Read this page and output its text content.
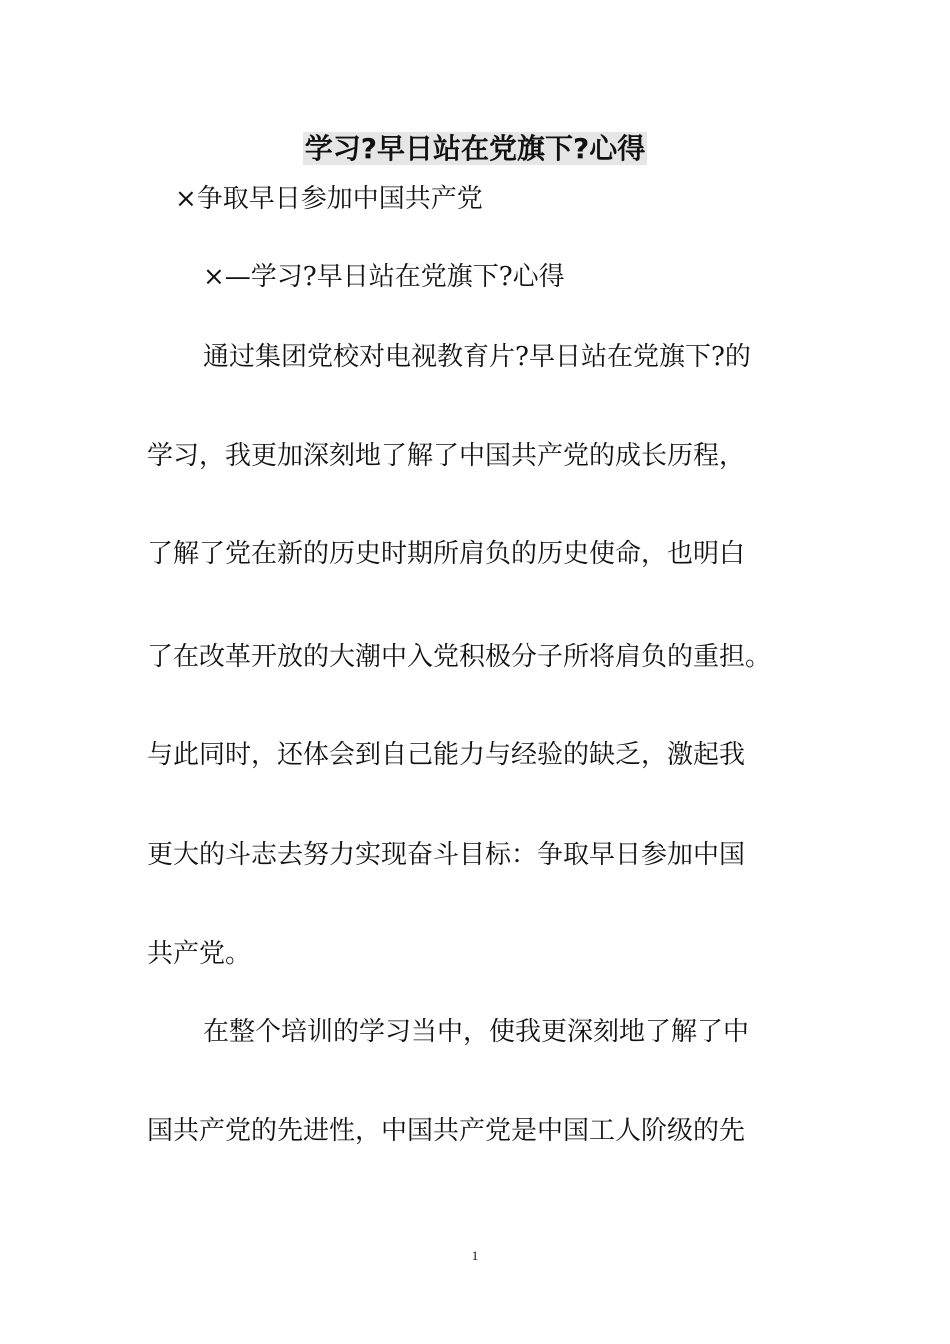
学习?早日站在党旗下?心得
×争取早日参加中国共产党
×—学习?早日站在党旗下?心得
通过集团党校对电视教育片?早日站在党旗下?的
学习，我更加深刻地了解了中国共产党的成长历程，
了解了党在新的历史时期所肩负的历史使命，也明白
了在改革开放的大潮中入党积极分子所将肩负的重担。
与此同时，还体会到自己能力与经验的缺乏，激起我
更大的斗志去努力实现奋斗目标：争取早日参加中国
共产党。
在整个培训的学习当中，使我更深刻地了解了中
国共产党的先进性，中国共产党是中国工人阶级的先
1
